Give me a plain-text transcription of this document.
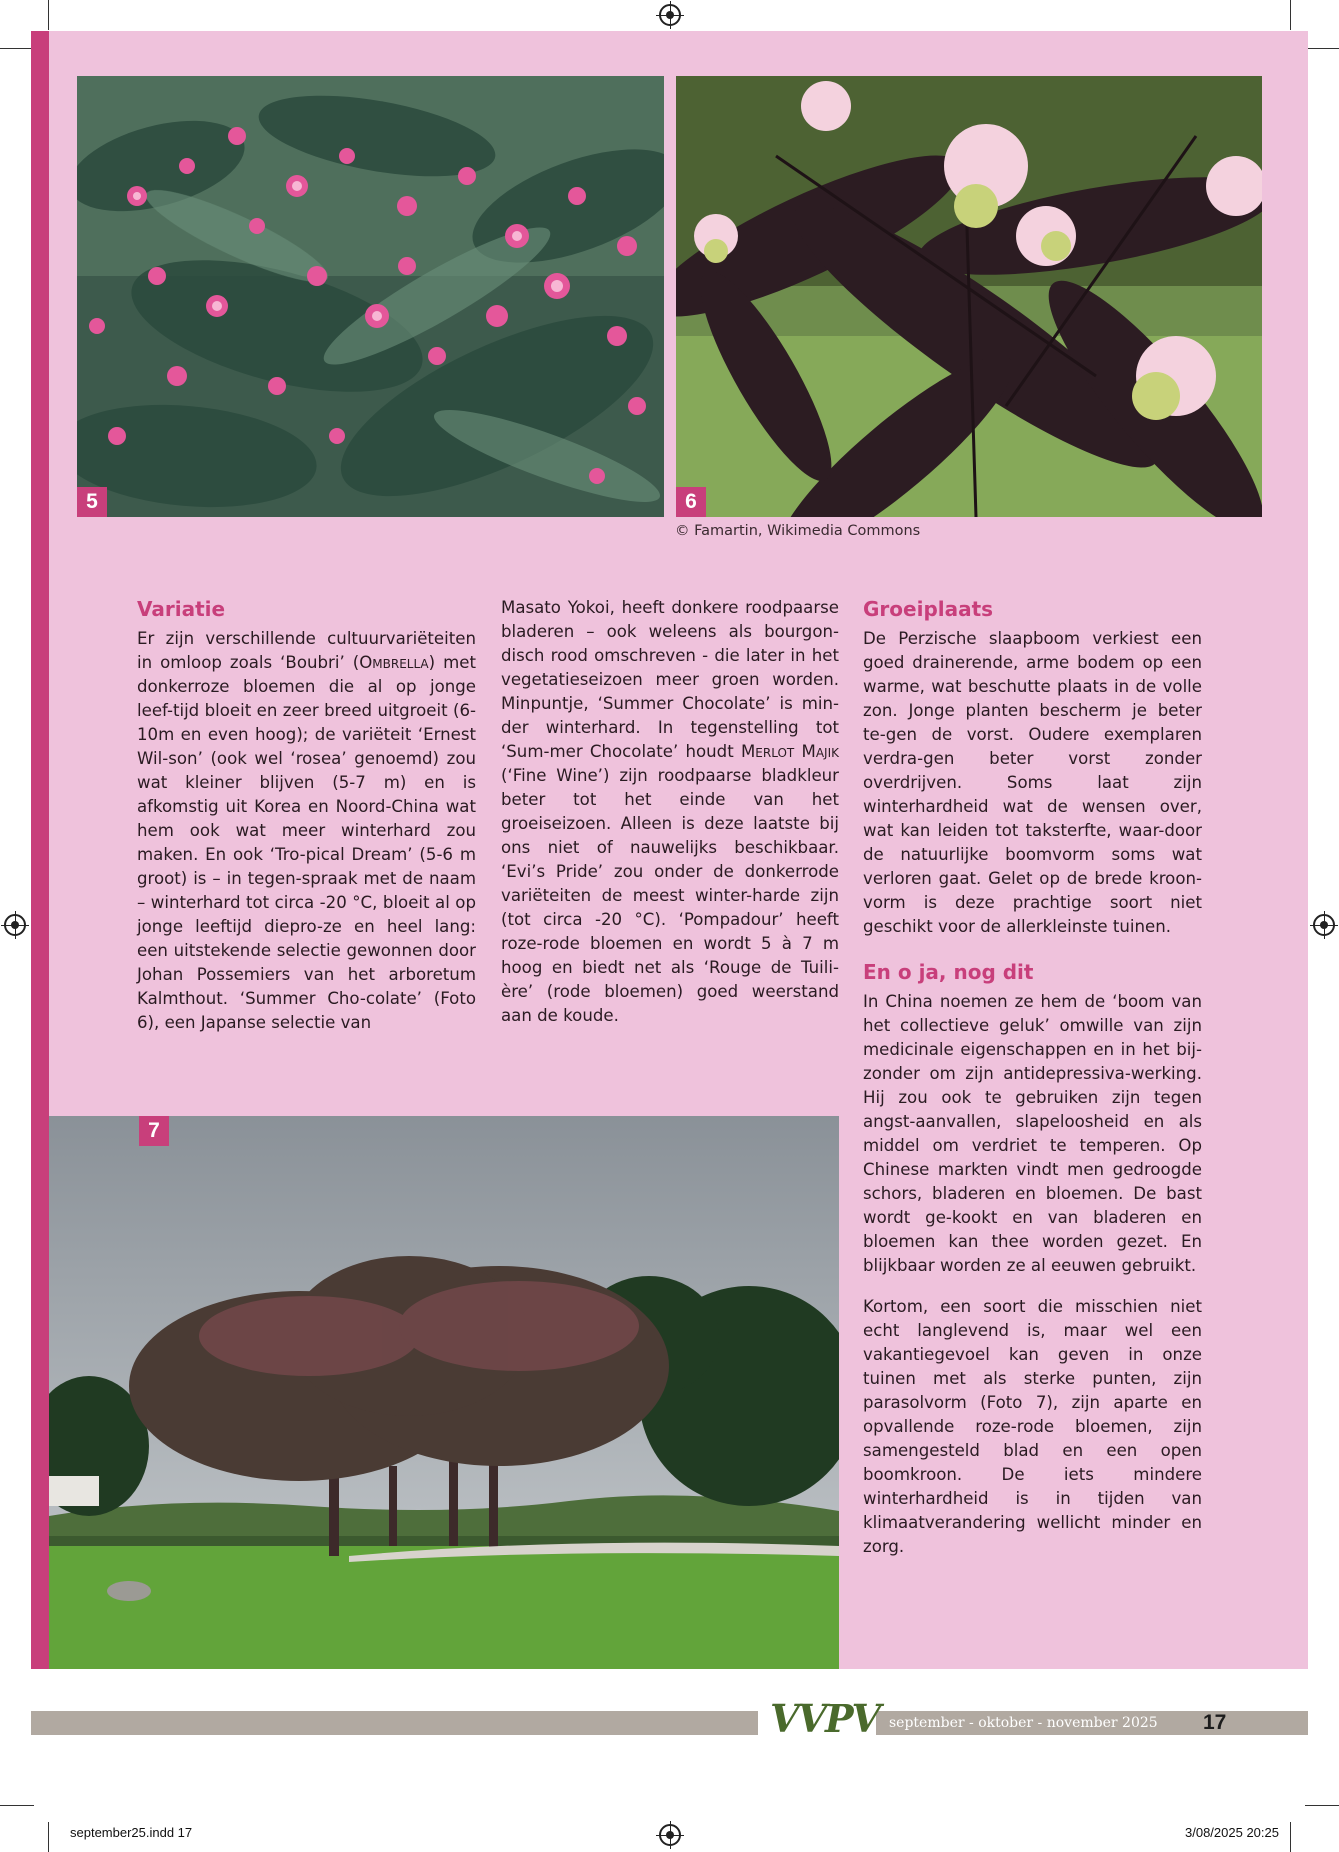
5	6
© Famartin, Wikimedia Commons
7
Variatie

Er zijn verschillende cultuurvariëteiten in omloop zoals ‘Boubri’ (Ombrella) met donkerroze bloemen die al op jonge leef-tijd bloeit en zeer breed uitgroeit (6-10m en even hoog); de variëteit ‘Ernest Wil-son’ (ook wel ‘rosea’ genoemd) zou wat kleiner blijven (5-7 m) en is afkomstig uit Korea en Noord-China wat hem ook wat meer winterhard zou maken. En ook ‘Tro-pical Dream’ (5-6 m groot) is – in tegen-spraak met de naam – winterhard tot circa -20 °C, bloeit al op jonge leeftijd diepro-ze en heel lang: een uitstekende selectie gewonnen door Johan Possemiers van het arboretum Kalmthout. ‘Summer Cho-colate’ (Foto 6), een Japanse selectie van

Masato Yokoi, heeft donkere roodpaarse bladeren – ook weleens als bourgon-disch rood omschreven - die later in het vegetatieseizoen meer groen worden. Minpuntje, ‘Summer Chocolate’ is min-der winterhard. In tegenstelling tot ‘Sum-mer Chocolate’ houdt Merlot Majik (‘Fine Wine’) zijn roodpaarse bladkleur beter tot het einde van het groeiseizoen. Alleen is deze laatste bij ons niet of nauwelijks beschikbaar. ‘Evi’s Pride’ zou onder de donkerrode variëteiten de meest winter-harde zijn (tot circa -20 °C). ‘Pompadour’ heeft roze-rode bloemen en wordt 5 à 7 m hoog en biedt net als ‘Rouge de Tuili-ère’ (rode bloemen) goed weerstand aan de koude.

Groeiplaats

De Perzische slaapboom verkiest een goed drainerende, arme bodem op een warme, wat beschutte plaats in de volle zon. Jonge planten bescherm je beter te-gen de vorst. Oudere exemplaren verdra-gen beter vorst zonder overdrijven. Soms laat zijn winterhardheid wat de wensen over, wat kan leiden tot taksterfte, waar-door de natuurlijke boomvorm soms wat verloren gaat. Gelet op de brede kroon-vorm is deze prachtige soort niet geschikt voor de allerkleinste tuinen.

En o ja, nog dit

In China noemen ze hem de ‘boom van het collectieve geluk’ omwille van zijn medicinale eigenschappen en in het bij-zonder om zijn antidepressiva-werking. Hij zou ook te gebruiken zijn tegen angst-aanvallen, slapeloosheid en als middel om verdriet te temperen. Op Chinese markten vindt men gedroogde schors, bladeren en bloemen. De bast wordt ge-kookt en van bladeren en bloemen kan thee worden gezet. En blijkbaar worden ze al eeuwen gebruikt.

Kortom, een soort die misschien niet echt langlevend is, maar wel een vakantiegevoel kan geven in onze tuinen met als sterke punten, zijn parasolvorm (Foto 7), zijn aparte en opvallende roze-rode bloemen, zijn samengesteld blad en een open boomkroon. De iets mindere winterhardheid is in tijden van klimaatverandering wellicht minder en zorg.

VVPV september - oktober - november 2025 17
september25.indd 17	3/08/2025 20:25
